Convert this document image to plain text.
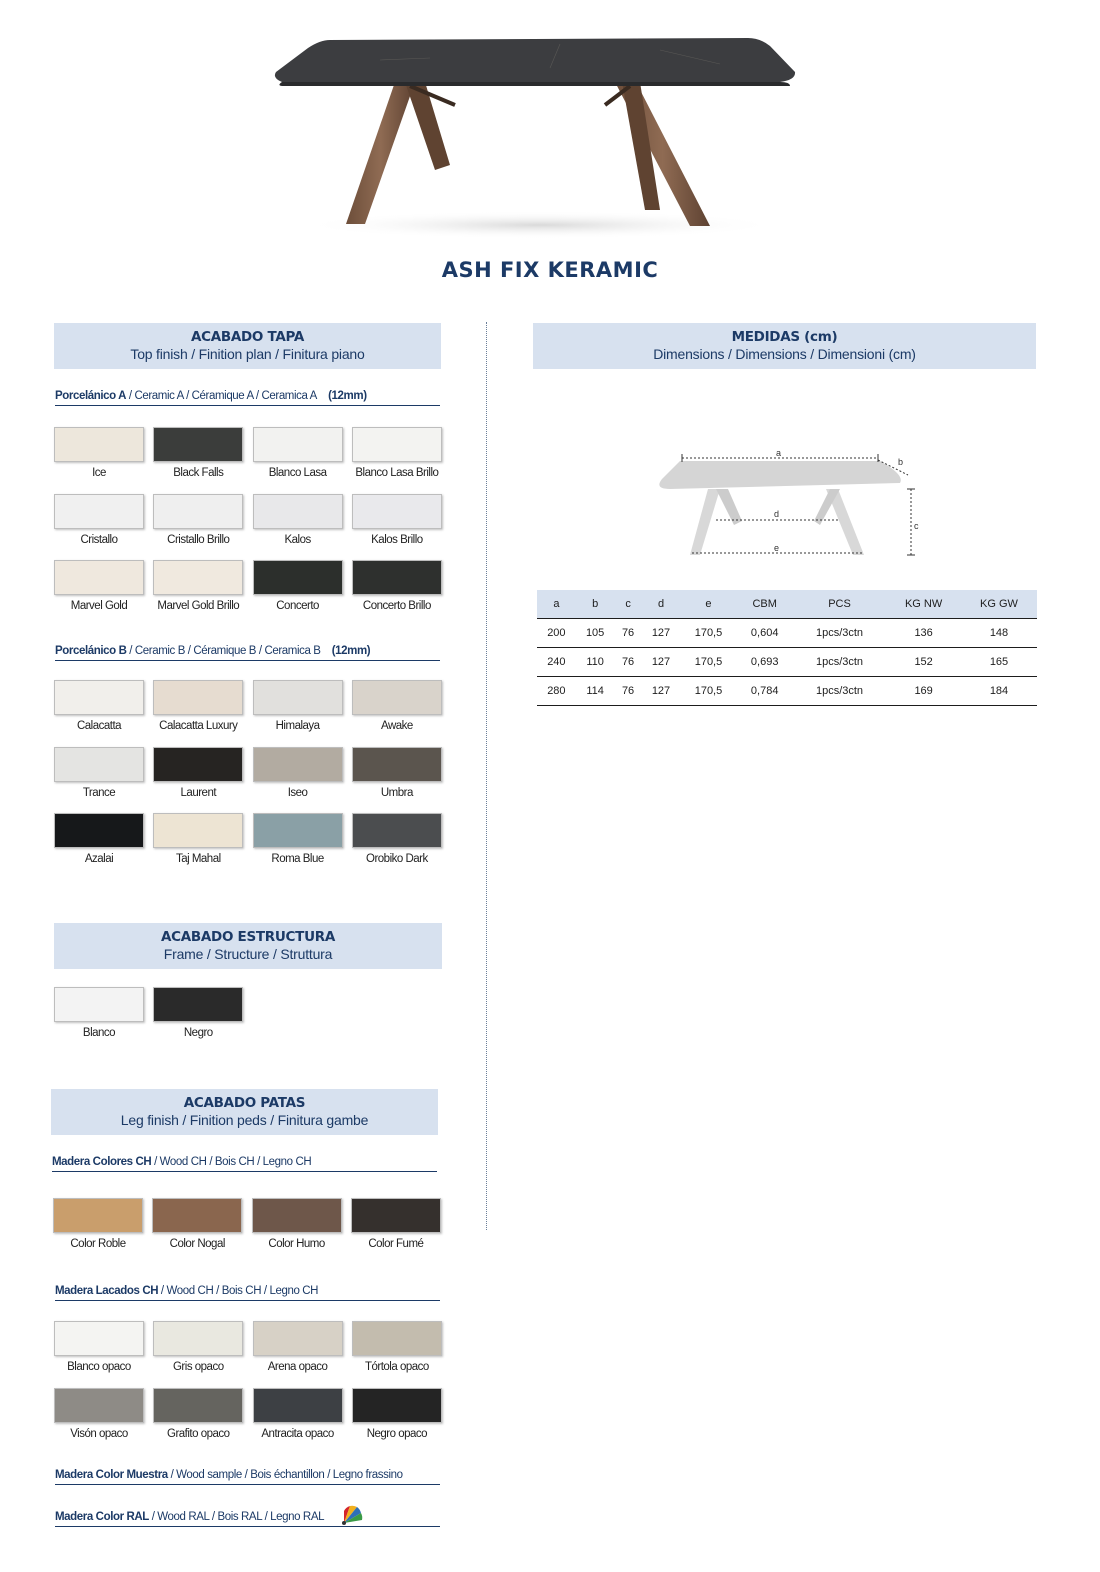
ASH FIX KERAMIC
ACABADO TAPA
Top finish / Finition plan / Finitura piano
Porcelánico A / Ceramic A / Céramique A / Ceramica A (12mm)
Ice	Black Falls	Blanco Lasa	Blanco Lasa Brillo
Cristallo	Cristallo Brillo	Kalos	Kalos Brillo
Marvel Gold	Marvel Gold Brillo	Concerto	Concerto Brillo
Porcelánico B / Ceramic B / Céramique B / Ceramica B (12mm)
Calacatta	Calacatta Luxury	Himalaya	Awake
Trance	Laurent	Iseo	Umbra
Azalai	Taj Mahal	Roma Blue	Orobiko Dark
ACABADO ESTRUCTURA
Frame / Structure / Struttura
Blanco	Negro
ACABADO PATAS
Leg finish / Finition peds / Finitura gambe
Madera Colores CH / Wood CH / Bois CH / Legno CH
Color Roble	Color Nogal	Color Humo	Color Fumé
Madera Lacados CH / Wood CH / Bois CH / Legno CH
Blanco opaco	Gris opaco	Arena opaco	Tórtola opaco
Visón opaco	Grafito opaco	Antracita opaco	Negro opaco
Madera Color Muestra / Wood sample / Bois échantillon / Legno frassino
Madera Color RAL / Wood RAL / Bois RAL / Legno RAL
MEDIDAS (cm)
Dimensions / Dimensions / Dimensioni (cm)
a
b
c
d
e
a	b	c	d	e	CBM	PCS	KG NW	KG GW
200	105	76	127	170,5	0,604	1pcs/3ctn	136	148
240	110	76	127	170,5	0,693	1pcs/3ctn	152	165
280	114	76	127	170,5	0,784	1pcs/3ctn	169	184
